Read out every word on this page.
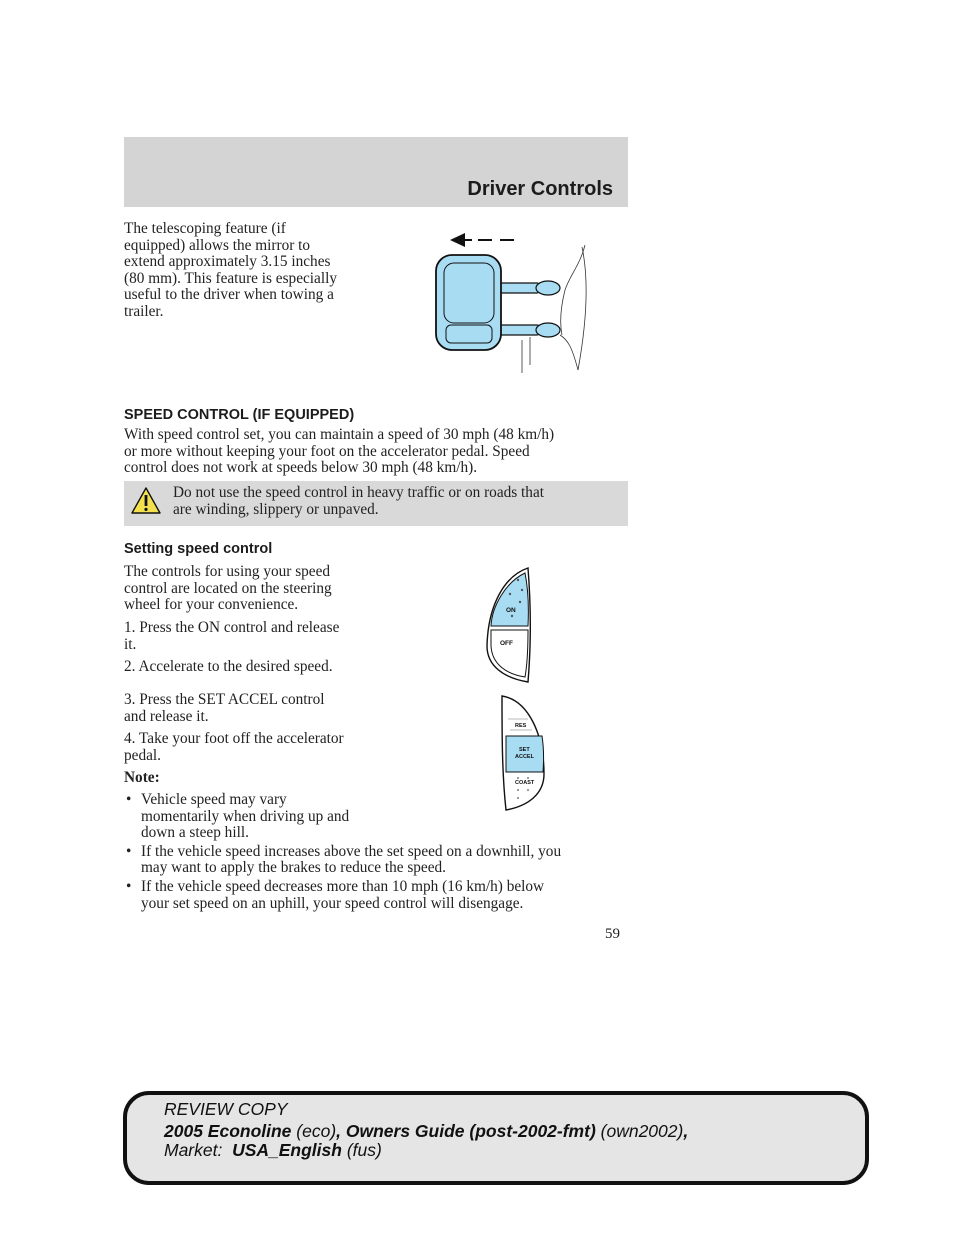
Driver Controls
The telescoping feature (if
equipped) allows the mirror to
extend approximately 3.15 inches
(80 mm). This feature is especially
useful to the driver when towing a
trailer.
SPEED CONTROL (IF EQUIPPED)
With speed control set, you can maintain a speed of 30 mph (48 km/h)
or more without keeping your foot on the accelerator pedal. Speed
control does not work at speeds below 30 mph (48 km/h).
Do not use the speed control in heavy traffic or on roads that
are winding, slippery or unpaved.
Setting speed control
The controls for using your speed
control are located on the steering
wheel for your convenience.
1. Press the ON control and release
it.
2. Accelerate to the desired speed.
3. Press the SET ACCEL control
and release it.
4. Take your foot off the accelerator
pedal.
Note:
• Vehicle speed may vary
momentarily when driving up and
down a steep hill.
• If the vehicle speed increases above the set speed on a downhill, you
may want to apply the brakes to reduce the speed.
• If the vehicle speed decreases more than 10 mph (16 km/h) below
your set speed on an uphill, your speed control will disengage.
ON
OFF
RES
SET
ACCEL
COAST
59
REVIEW COPY
2005 Econoline (eco), Owners Guide (post-2002-fmt) (own2002),
Market:  USA_English (fus)
